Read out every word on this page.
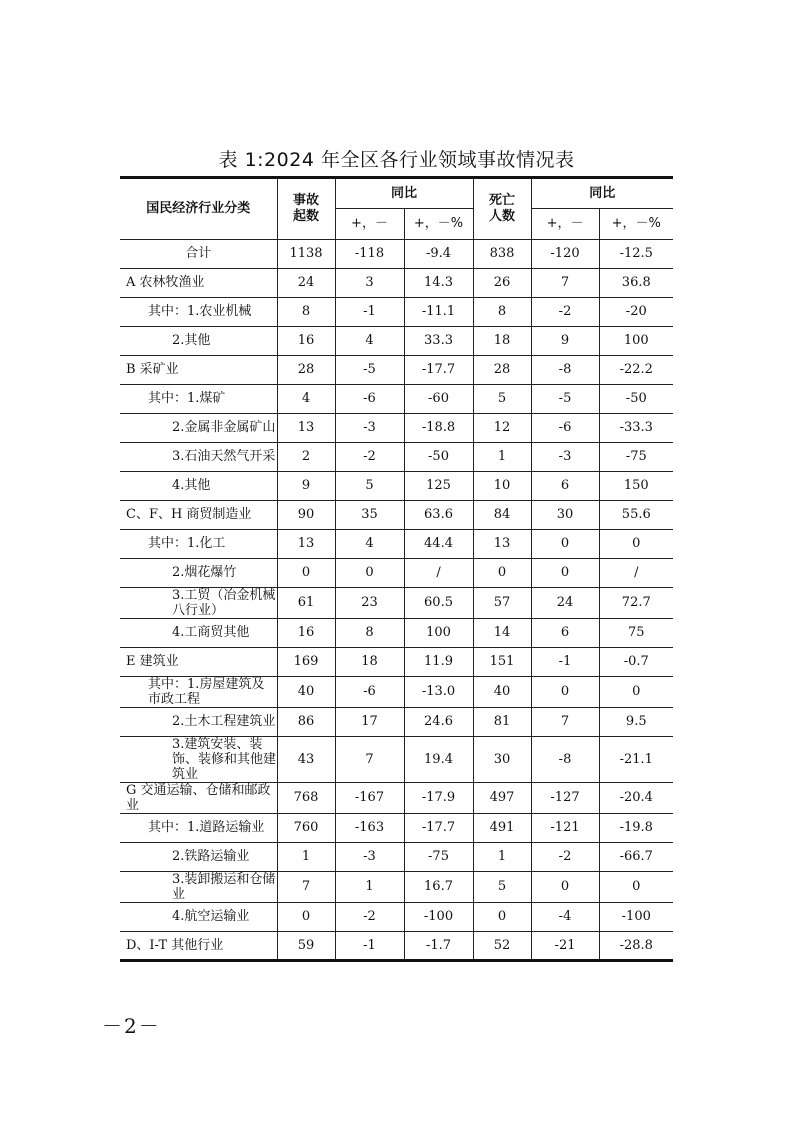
表 1:2024 年全区各行业领域事故情况表
国民经济行业分类	事故起数	同比		死亡人数	同比	
		+，－	+，－%		+，－	+，－%
合计	1138	-118	-9.4	838	-120	-12.5
A 农林牧渔业	24	3	14.3	26	7	36.8
其中：1.农业机械	8	-1	-11.1	8	-2	-20
2.其他	16	4	33.3	18	9	100
B 采矿业	28	-5	-17.7	28	-8	-22.2
其中：1.煤矿	4	-6	-60	5	-5	-50
2.金属非金属矿山	13	-3	-18.8	12	-6	-33.3
3.石油天然气开采	2	-2	-50	1	-3	-75
4.其他	9	5	125	10	6	150
C、F、H 商贸制造业	90	35	63.6	84	30	55.6
其中：1.化工	13	4	44.4	13	0	0
2.烟花爆竹	0	0	/	0	0	/
3.工贸（冶金机械八行业）	61	23	60.5	57	24	72.7
4.工商贸其他	16	8	100	14	6	75
E 建筑业	169	18	11.9	151	-1	-0.7
其中：1.房屋建筑及市政工程	40	-6	-13.0	40	0	0
2.土木工程建筑业	86	17	24.6	81	7	9.5
3.建筑安装、装饰、装修和其他建筑业	43	7	19.4	30	-8	-21.1
G 交通运输、仓储和邮政业	768	-167	-17.9	497	-127	-20.4
其中：1.道路运输业	760	-163	-17.7	491	-121	-19.8
2.铁路运输业	1	-3	-75	1	-2	-66.7
3.装卸搬运和仓储业	7	1	16.7	5	0	0
4.航空运输业	0	-2	-100	0	-4	-100
D、I-T 其他行业	59	-1	-1.7	52	-21	-28.8
－2－
